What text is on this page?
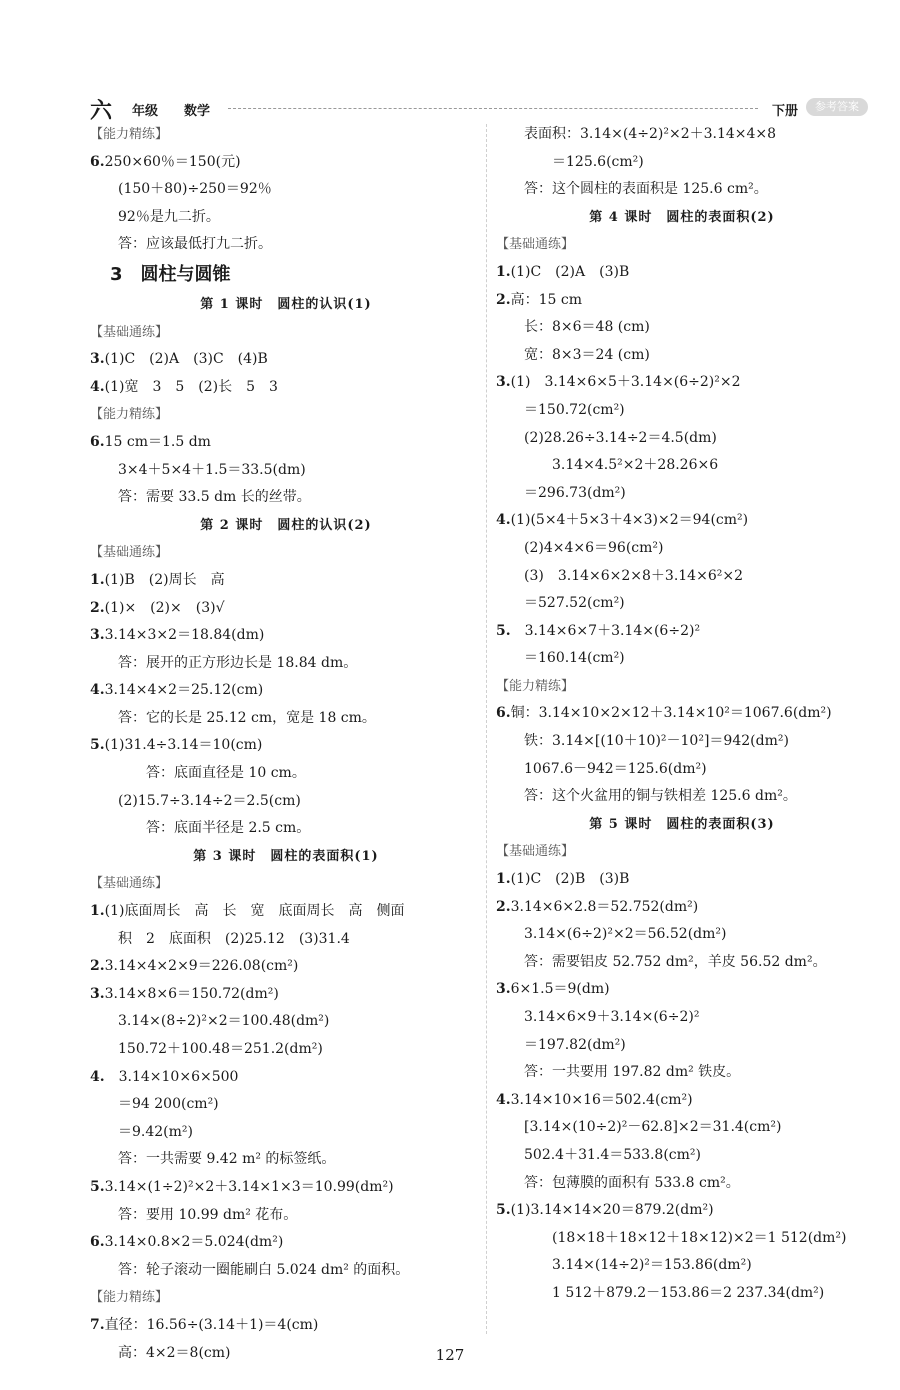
六 年级 数学	下册	参考答案
【能力精练】
6.250×60％＝150(元)
(150＋80)÷250＝92％
92％是九二折。
答：应该最低打九二折。
3　圆柱与圆锥
第 1 课时　圆柱的认识(1)
【基础通练】
3.(1)C　(2)A　(3)C　(4)B
4.(1)宽　3　5　(2)长　5　3
【能力精练】
6.15 cm＝1.5 dm
3×4＋5×4＋1.5＝33.5(dm)
答：需要 33.5 dm 长的丝带。
第 2 课时　圆柱的认识(2)
【基础通练】
1.(1)B　(2)周长　高
2.(1)×　(2)×　(3)√
3.3.14×3×2＝18.84(dm)
答：展开的正方形边长是 18.84 dm。
4.3.14×4×2＝25.12(cm)
答：它的长是 25.12 cm，宽是 18 cm。
5.(1)31.4÷3.14＝10(cm)
答：底面直径是 10 cm。
(2)15.7÷3.14÷2＝2.5(cm)
答：底面半径是 2.5 cm。
第 3 课时　圆柱的表面积(1)
【基础通练】
1.(1)底面周长　高　长　宽　底面周长　高　侧面
积　2　底面积　(2)25.12　(3)31.4
2.3.14×4×2×9＝226.08(cm²)
3.3.14×8×6＝150.72(dm²)
3.14×(8÷2)²×2＝100.48(dm²)
150.72＋100.48＝251.2(dm²)
4.　3.14×10×6×500
＝94 200(cm²)
＝9.42(m²)
答：一共需要 9.42 m² 的标签纸。
5.3.14×(1÷2)²×2＋3.14×1×3＝10.99(dm²)
答：要用 10.99 dm² 花布。
6.3.14×0.8×2＝5.024(dm²)
答：轮子滚动一圈能刷白 5.024 dm² 的面积。
【能力精练】
7.直径：16.56÷(3.14＋1)＝4(cm)
高：4×2＝8(cm)
表面积：3.14×(4÷2)²×2＋3.14×4×8
＝125.6(cm²)
答：这个圆柱的表面积是 125.6 cm²。
第 4 课时　圆柱的表面积(2)
【基础通练】
1.(1)C　(2)A　(3)B
2.高：15 cm
长：8×6＝48 (cm)
宽：8×3＝24 (cm)
3.(1)　3.14×6×5＋3.14×(6÷2)²×2
＝150.72(cm²)
(2)28.26÷3.14÷2＝4.5(dm)
3.14×4.5²×2＋28.26×6
＝296.73(dm²)
4.(1)(5×4＋5×3＋4×3)×2＝94(cm²)
(2)4×4×6＝96(cm²)
(3)　3.14×6×2×8＋3.14×6²×2
＝527.52(cm²)
5.　3.14×6×7＋3.14×(6÷2)²
＝160.14(cm²)
【能力精练】
6.铜：3.14×10×2×12＋3.14×10²＝1067.6(dm²)
铁：3.14×[(10＋10)²－10²]＝942(dm²)
1067.6－942＝125.6(dm²)
答：这个火盆用的铜与铁相差 125.6 dm²。
第 5 课时　圆柱的表面积(3)
【基础通练】
1.(1)C　(2)B　(3)B
2.3.14×6×2.8＝52.752(dm²)
3.14×(6÷2)²×2＝56.52(dm²)
答：需要铝皮 52.752 dm²，羊皮 56.52 dm²。
3.6×1.5＝9(dm)
3.14×6×9＋3.14×(6÷2)²
＝197.82(dm²)
答：一共要用 197.82 dm² 铁皮。
4.3.14×10×16＝502.4(cm²)
[3.14×(10÷2)²－62.8]×2＝31.4(cm²)
502.4＋31.4＝533.8(cm²)
答：包薄膜的面积有 533.8 cm²。
5.(1)3.14×14×20＝879.2(dm²)
(18×18＋18×12＋18×12)×2＝1 512(dm²)
3.14×(14÷2)²＝153.86(dm²)
1 512＋879.2－153.86＝2 237.34(dm²)
127
